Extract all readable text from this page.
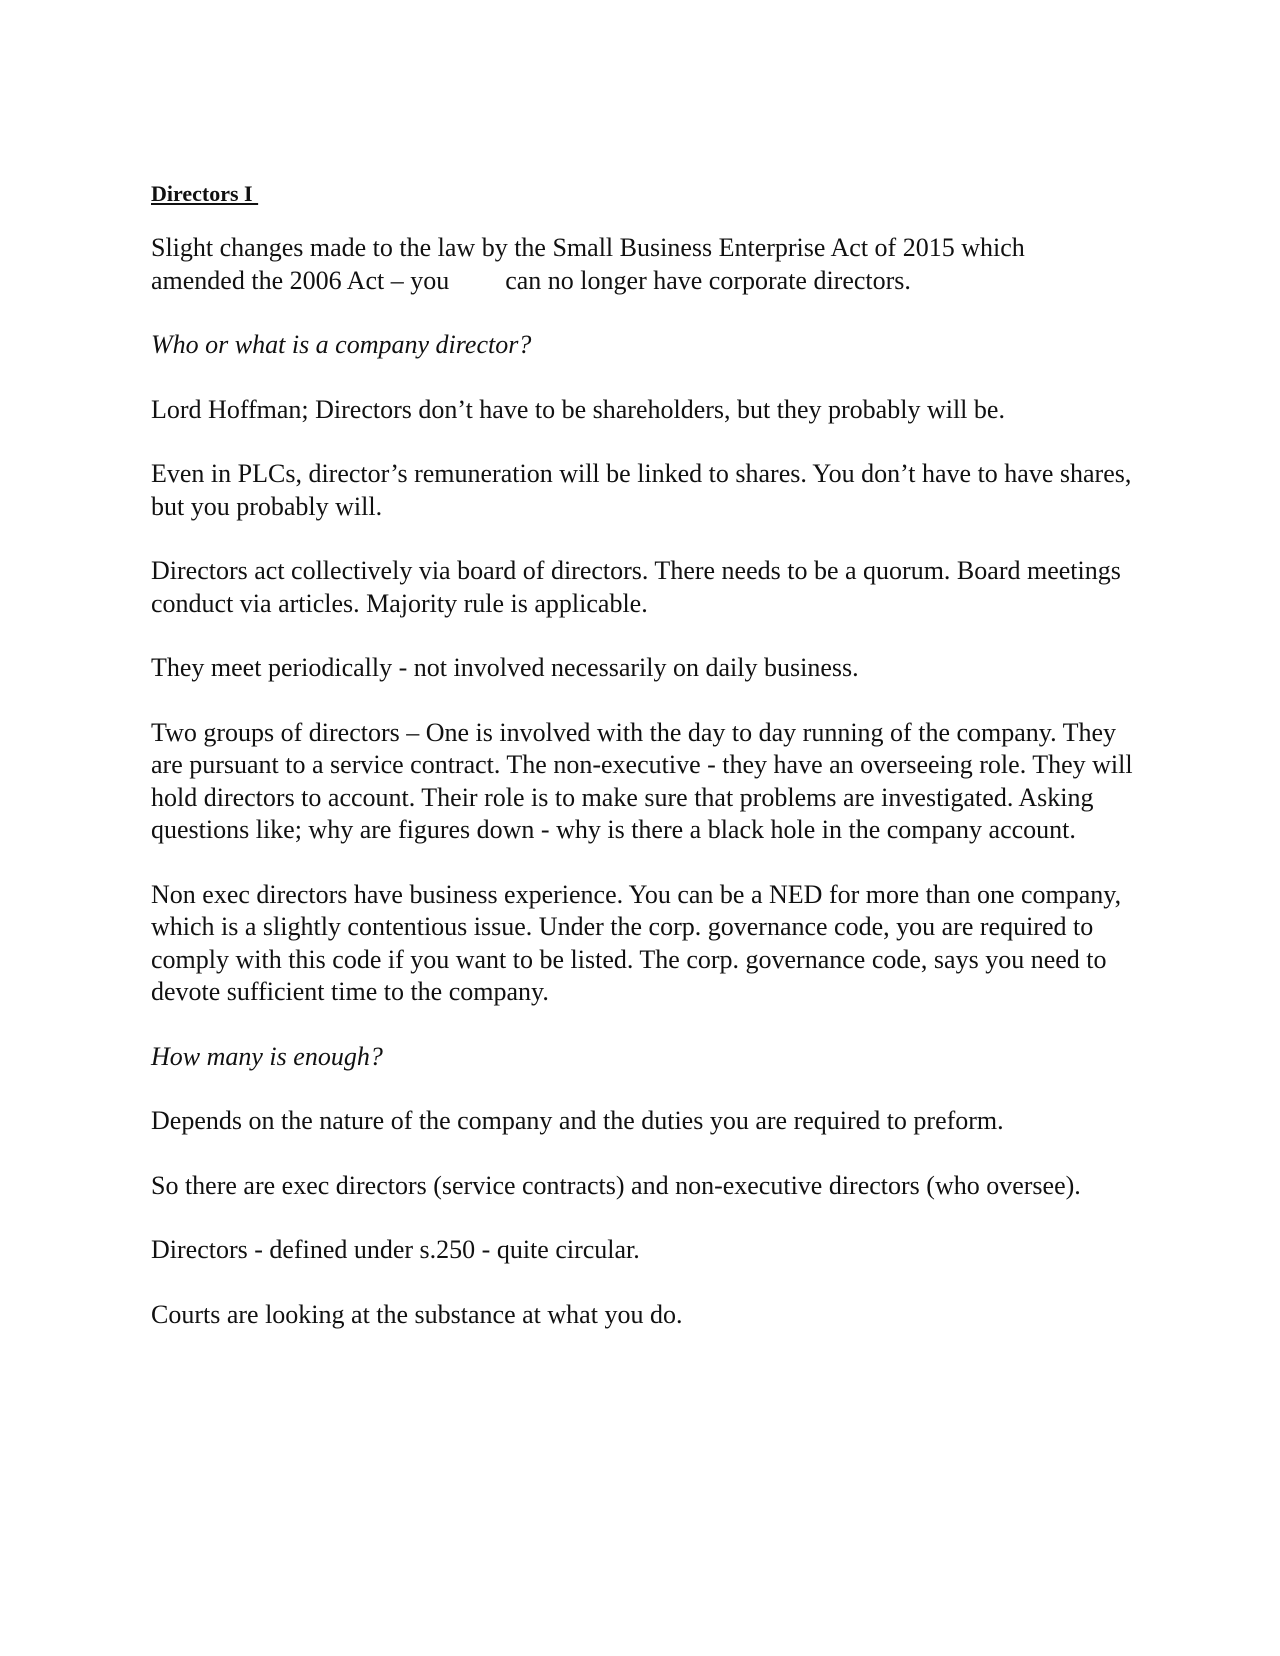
Directors I
Slight changes made to the law by the Small Business Enterprise Act of 2015 which
amended the 2006 Act – you can no longer have corporate directors.
Who or what is a company director?
Lord Hoffman; Directors don’t have to be shareholders, but they probably will be.
Even in PLCs, director’s remuneration will be linked to shares. You don’t have to have shares, but you probably will.
Directors act collectively via board of directors. There needs to be a quorum. Board meetings conduct via articles. Majority rule is applicable.
They meet periodically - not involved necessarily on daily business.
Two groups of directors – One is involved with the day to day running of the company. They are pursuant to a service contract. The non-executive - they have an overseeing role. They will hold directors to account. Their role is to make sure that problems are investigated. Asking questions like; why are figures down - why is there a black hole in the company account.
Non exec directors have business experience. You can be a NED for more than one company, which is a slightly contentious issue. Under the corp. governance code, you are required to comply with this code if you want to be listed. The corp. governance code, says you need to devote sufficient time to the company.
How many is enough?
Depends on the nature of the company and the duties you are required to preform.
So there are exec directors (service contracts) and non-executive directors (who oversee).
Directors - defined under s.250 - quite circular.
Courts are looking at the substance at what you do.
